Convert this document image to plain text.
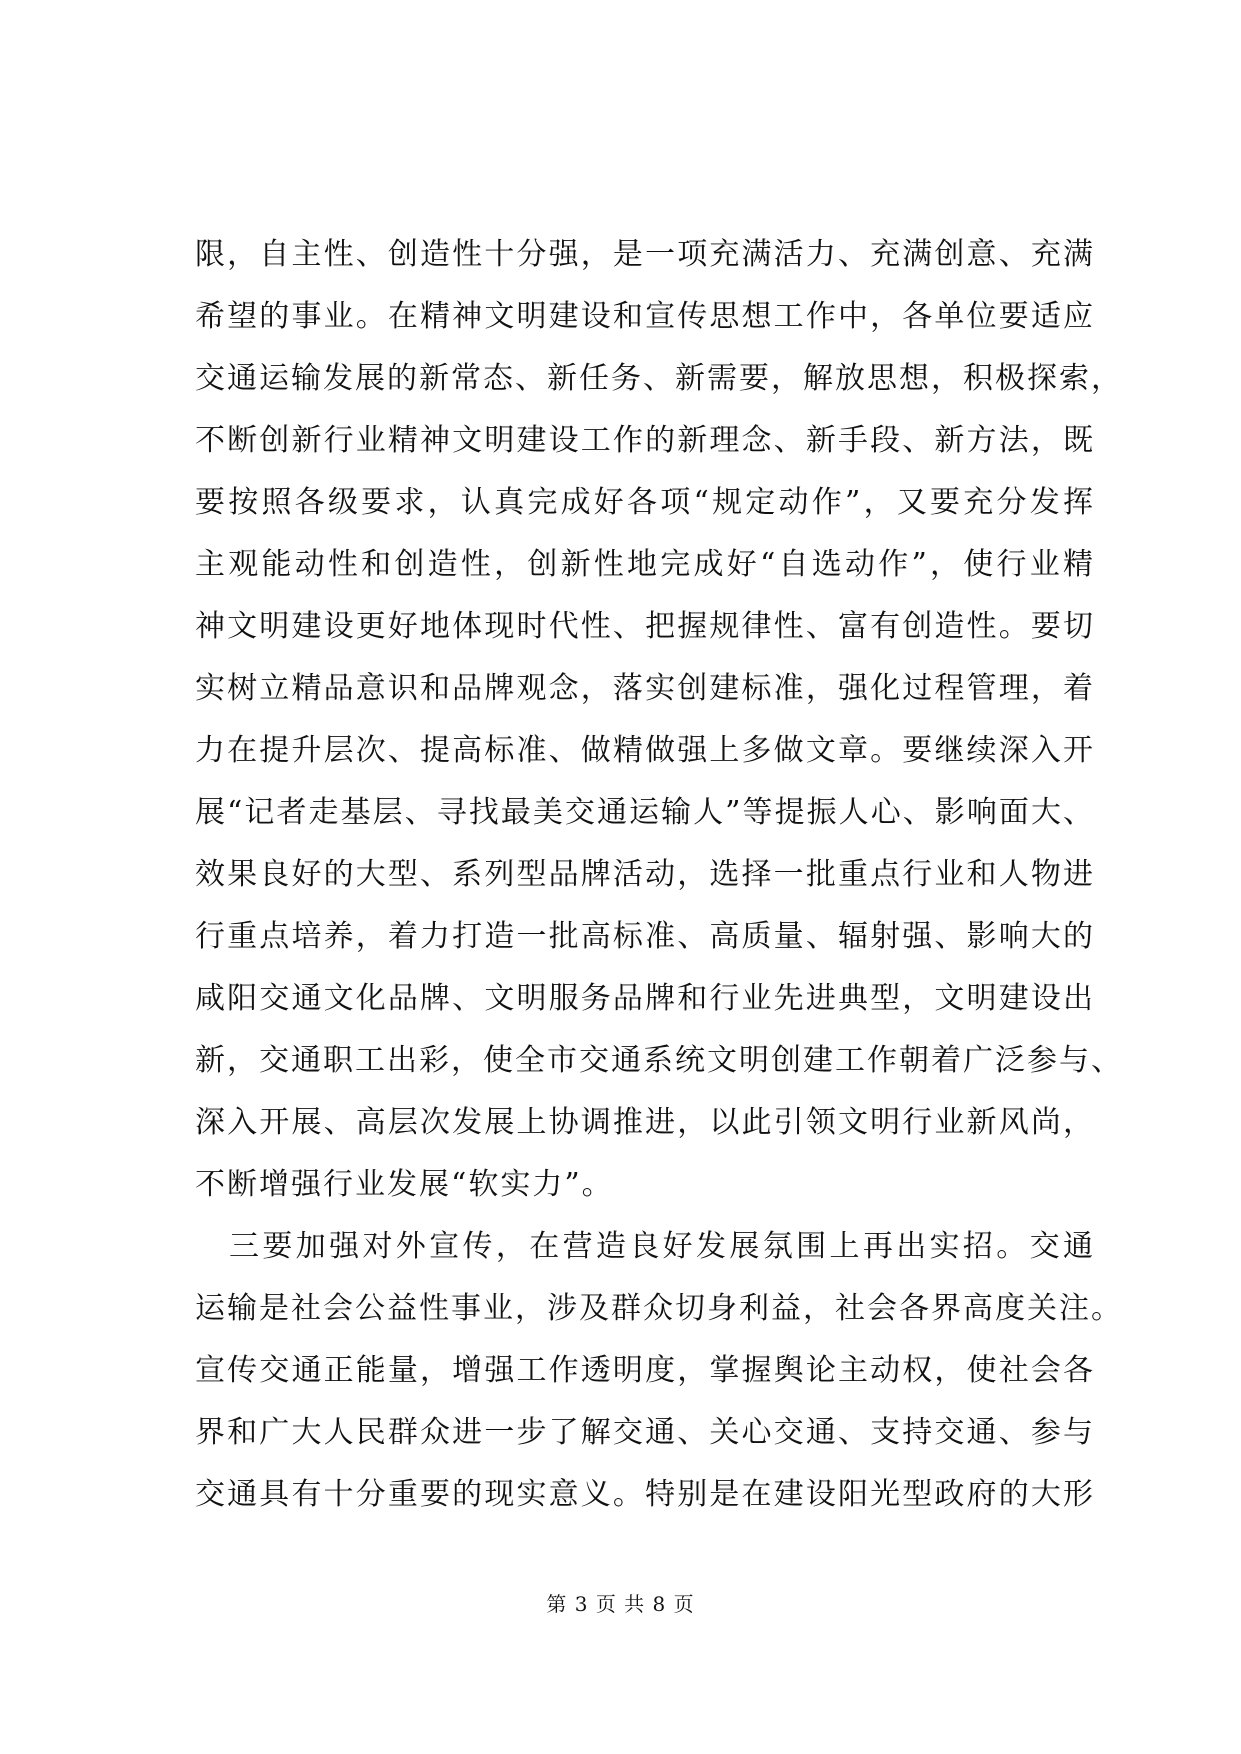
限，自主性、创造性十分强，是一项充满活力、充满创意、充满
希望的事业。在精神文明建设和宣传思想工作中，各单位要适应
交通运输发展的新常态、新任务、新需要，解放思想，积极探索，
不断创新行业精神文明建设工作的新理念、新手段、新方法，既
要按照各级要求，认真完成好各项“规定动作”，又要充分发挥
主观能动性和创造性，创新性地完成好“自选动作”，使行业精
神文明建设更好地体现时代性、把握规律性、富有创造性。要切
实树立精品意识和品牌观念，落实创建标准，强化过程管理，着
力在提升层次、提高标准、做精做强上多做文章。要继续深入开
展“记者走基层、寻找最美交通运输人”等提振人心、影响面大、
效果良好的大型、系列型品牌活动，选择一批重点行业和人物进
行重点培养，着力打造一批高标准、高质量、辐射强、影响大的
咸阳交通文化品牌、文明服务品牌和行业先进典型，文明建设出
新，交通职工出彩，使全市交通系统文明创建工作朝着广泛参与、
深入开展、高层次发展上协调推进，以此引领文明行业新风尚，
不断增强行业发展“软实力”。
三要加强对外宣传，在营造良好发展氛围上再出实招。交通
运输是社会公益性事业，涉及群众切身利益，社会各界高度关注。
宣传交通正能量，增强工作透明度，掌握舆论主动权，使社会各
界和广大人民群众进一步了解交通、关心交通、支持交通、参与
交通具有十分重要的现实意义。特别是在建设阳光型政府的大形
第 3 页 共 8 页
